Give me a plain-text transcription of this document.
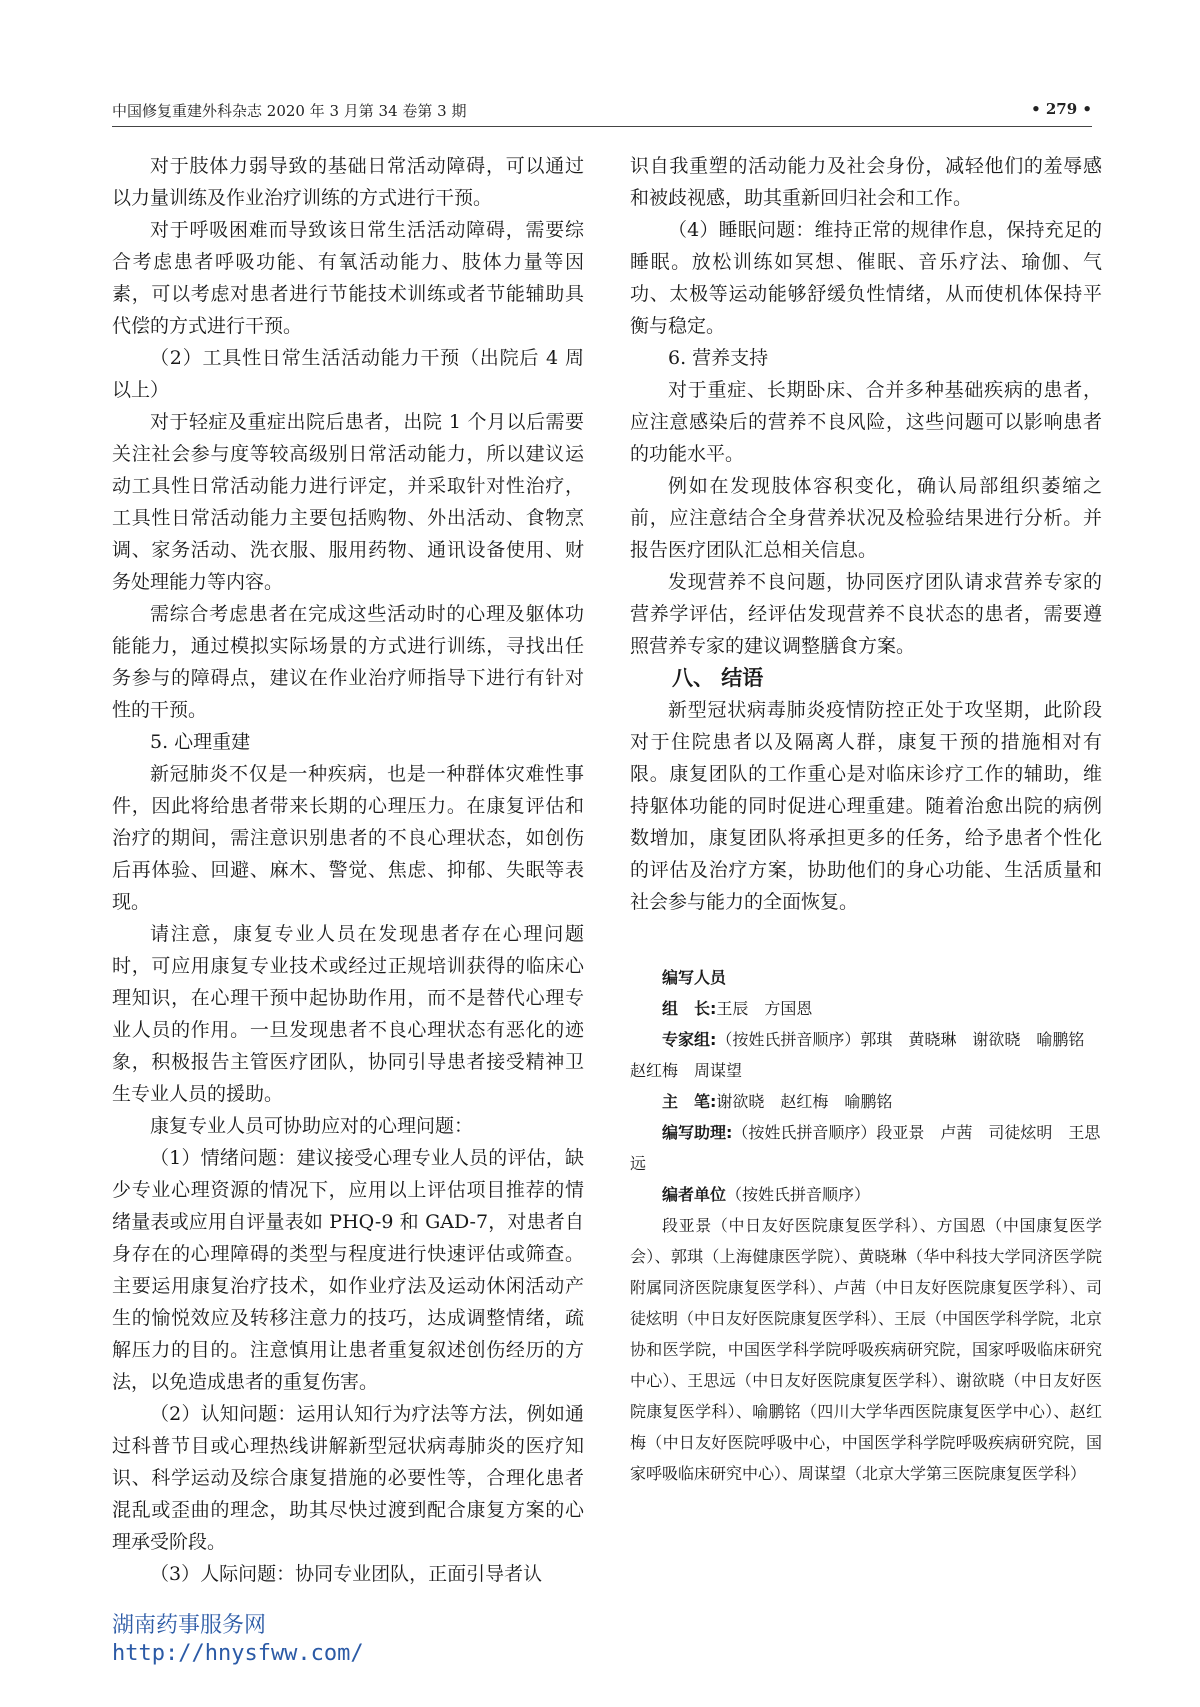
中国修复重建外科杂志 2020 年 3 月第 34 卷第 3 期	• 279 •

对于肢体力弱导致的基础日常活动障碍，可以通过以力量训练及作业治疗训练的方式进行干预。

对于呼吸困难而导致该日常生活活动障碍，需要综合考虑患者呼吸功能、有氧活动能力、肢体力量等因素，可以考虑对患者进行节能技术训练或者节能辅助具代偿的方式进行干预。

（2）工具性日常生活活动能力干预（出院后 4 周以上）

对于轻症及重症出院后患者，出院 1 个月以后需要关注社会参与度等较高级别日常活动能力，所以建议运动工具性日常活动能力进行评定，并采取针对性治疗，工具性日常活动能力主要包括购物、外出活动、食物烹调、家务活动、洗衣服、服用药物、通讯设备使用、财务处理能力等内容。

需综合考虑患者在完成这些活动时的心理及躯体功能能力，通过模拟实际场景的方式进行训练，寻找出任务参与的障碍点，建议在作业治疗师指导下进行有针对性的干预。

5. 心理重建

新冠肺炎不仅是一种疾病，也是一种群体灾难性事件，因此将给患者带来长期的心理压力。在康复评估和治疗的期间，需注意识别患者的不良心理状态，如创伤后再体验、回避、麻木、警觉、焦虑、抑郁、失眠等表现。

请注意，康复专业人员在发现患者存在心理问题时，可应用康复专业技术或经过正规培训获得的临床心理知识，在心理干预中起协助作用，而不是替代心理专业人员的作用。一旦发现患者不良心理状态有恶化的迹象，积极报告主管医疗团队，协同引导患者接受精神卫生专业人员的援助。

康复专业人员可协助应对的心理问题：

（1）情绪问题：建议接受心理专业人员的评估，缺少专业心理资源的情况下，应用以上评估项目推荐的情绪量表或应用自评量表如 PHQ-9 和 GAD-7，对患者自身存在的心理障碍的类型与程度进行快速评估或筛查。主要运用康复治疗技术，如作业疗法及运动休闲活动产生的愉悦效应及转移注意力的技巧，达成调整情绪，疏解压力的目的。注意慎用让患者重复叙述创伤经历的方法，以免造成患者的重复伤害。

（2）认知问题：运用认知行为疗法等方法，例如通过科普节目或心理热线讲解新型冠状病毒肺炎的医疗知识、科学运动及综合康复措施的必要性等，合理化患者混乱或歪曲的理念，助其尽快过渡到配合康复方案的心理承受阶段。

（3）人际问题：协同专业团队，正面引导者认

识自我重塑的活动能力及社会身份，减轻他们的羞辱感和被歧视感，助其重新回归社会和工作。

（4）睡眠问题：维持正常的规律作息，保持充足的睡眠。放松训练如冥想、催眠、音乐疗法、瑜伽、气功、太极等运动能够舒缓负性情绪，从而使机体保持平衡与稳定。

6. 营养支持

对于重症、长期卧床、合并多种基础疾病的患者，应注意感染后的营养不良风险，这些问题可以影响患者的功能水平。

例如在发现肢体容积变化，确认局部组织萎缩之前，应注意结合全身营养状况及检验结果进行分析。并报告医疗团队汇总相关信息。

发现营养不良问题，协同医疗团队请求营养专家的营养学评估，经评估发现营养不良状态的患者，需要遵照营养专家的建议调整膳食方案。

八、 结语

新型冠状病毒肺炎疫情防控正处于攻坚期，此阶段对于住院患者以及隔离人群，康复干预的措施相对有限。康复团队的工作重心是对临床诊疗工作的辅助，维持躯体功能的同时促进心理重建。随着治愈出院的病例数增加，康复团队将承担更多的任务，给予患者个性化的评估及治疗方案，协助他们的身心功能、生活质量和社会参与能力的全面恢复。

编写人员

组　长:王辰　方国恩

专家组:（按姓氏拼音顺序）郭琪　黄晓琳　谢欲晓　喻鹏铭　赵红梅　周谋望

主　笔:谢欲晓　赵红梅　喻鹏铭

编写助理:（按姓氏拼音顺序）段亚景　卢茜　司徒炫明　王思远

编者单位（按姓氏拼音顺序）

段亚景（中日友好医院康复医学科）、方国恩（中国康复医学会）、郭琪（上海健康医学院）、黄晓琳（华中科技大学同济医学院附属同济医院康复医学科）、卢茜（中日友好医院康复医学科）、司徒炫明（中日友好医院康复医学科）、王辰（中国医学科学院，北京协和医学院，中国医学科学院呼吸疾病研究院，国家呼吸临床研究中心）、王思远（中日友好医院康复医学科）、谢欲晓（中日友好医院康复医学科）、喻鹏铭（四川大学华西医院康复医学中心）、赵红梅（中日友好医院呼吸中心，中国医学科学院呼吸疾病研究院，国家呼吸临床研究中心）、周谋望（北京大学第三医院康复医学科）

湖南药事服务网
http://hnysfww.com/
